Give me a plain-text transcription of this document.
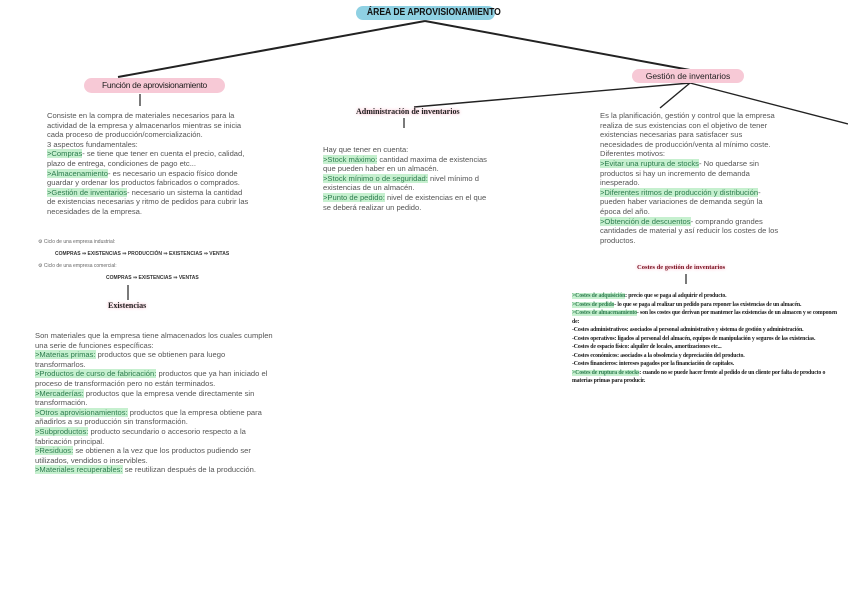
ÁREA DE APROVISIONAMIENTO
Función de aprovisionamiento
Gestión de inventarios
Administración de inventarios
Existencias
Costes de gestión de inventarios

Consiste en la compra de materiales necesarios para la actividad de la empresa y almacenarlos mientras se inicia cada proceso de producción/comercialización.

3 aspectos fundamentales:

>Compras- se tiene que tener en cuenta el precio, calidad, plazo de entrega, condiciones de pago etc...

>Almacenamiento- es necesario un espacio físico donde guardar y ordenar los productos fabricados o comprados.

>Gestión de inventarios- necesario un sistema la cantidad de existencias necesarias y ritmo de pedidos para cubrir las necesidades de la empresa.

⚙ Ciclo de una empresa industrial:
COMPRAS ⇒ EXISTENCIAS ⇒ PRODUCCIÓN ⇒ EXISTENCIAS ⇒ VENTAS
⚙ Ciclo de una empresa comercial:
COMPRAS ⇒ EXISTENCIAS ⇒ VENTAS

Son materiales que la empresa tiene almacenados los cuales cumplen una serie de funciones específicas:

>Materias primas: productos que se obtienen para luego transformarlos.

>Productos de curso de fabricación: productos que ya han iniciado el proceso de transformación pero no están terminados.

>Mercaderías: productos que la empresa vende directamente sin transformación.

>Otros aprovisionamientos: productos que la empresa obtiene para añadirlos a su producción sin transformación.

>Subproductos: producto secundario o accesorio respecto a la fabricación principal.

>Residuos: se obtienen a la vez que los productos pudiendo ser utilizados, vendidos o inservibles.

>Materiales recuperables: se reutilizan después de la producción.

Hay que tener en cuenta:

>Stock máximo: cantidad maxima de existencias que pueden haber en un almacén.

>Stock mínimo o de seguridad: nivel mínimo d existencias de un almacén.

>Punto de pedido: nivel de existencias en el que se deberá realizar un pedido.

Es la planificación, gestión y control que la empresa realiza de sus existencias con el objetivo de tener existencias necesarias para satisfacer sus necesidades de producción/venta al mínimo coste.

Diferentes motivos:

>Evitar una ruptura de stocks- No quedarse sin productos si hay un incremento de demanda inesperado.

>Diferentes ritmos de producción y distribución- pueden haber variaciones de demanda según la época del año.

>Obtención de descuentos- comprando grandes cantidades de material y así reducir los costes de los productos.

>Costes de adquisición: precio que se paga al adquirir el producto.
>Costes de pedido- lo que se paga al realizar un pedido para reponer las existencias de un almacén.
>Costes de almacenamiento- son los costes que derivan por mantener las existencias de un almacen y se componen de:
-Costes administrativos: asociados al personal administrativo y sistema de gestión y administración.
-Costes operativos: ligados al personal del almacén, equipos de manipulación y seguros de las existencias.
-Costes de espacio físico: alquiler de locales, amortizaciones etc...
-Costes económicos: asociados a la obsolencia y depreciación del producto.
-Costes financieros: intereses pagados por la financiación de capitales.
>Costes de ruptura de stocks: cuando no se puede hacer frente al pedido de un cliente por falta de producto o materias primas para producir.
